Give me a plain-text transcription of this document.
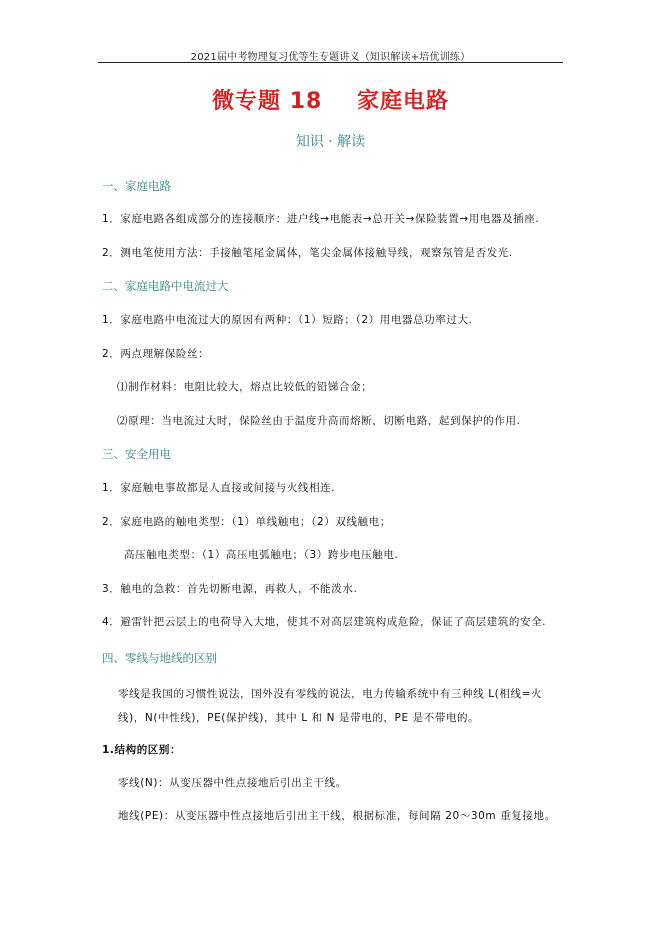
2021届中考物理复习优等生专题讲义（知识解读+培优训练）
微专题 18    家庭电路
知识 · 解读
一、家庭电路
1．家庭电路各组成部分的连接顺序：进户线→电能表→总开关→保险装置→用电器及插座.
2．测电笔使用方法：手接触笔尾金属体，笔尖金属体接触导线，观察氖管是否发光.
二、家庭电路中电流过大
1．家庭电路中电流过大的原因有两种：（1）短路；（2）用电器总功率过大.
2．两点理解保险丝：
⑴制作材料：电阻比较大，熔点比较低的铅锑合金；
⑵原理：当电流过大时，保险丝由于温度升高而熔断，切断电路，起到保护的作用.
三、安全用电
1．家庭触电事故都是人直接或间接与火线相连.
2．家庭电路的触电类型：（1）单线触电；（2）双线触电；
高压触电类型：（1）高压电弧触电；（3）跨步电压触电.
3．触电的急救：首先切断电源，再救人，不能泼水.
4．避雷针把云层上的电荷导入大地，使其不对高层建筑构成危险，保证了高层建筑的安全.
四、零线与地线的区别
零线是我国的习惯性说法，国外没有零线的说法，电力传输系统中有三种线 L(相线=火
线)，N(中性线)，PE(保护线)，其中 L 和 N 是带电的，PE 是不带电的。
1.结构的区别：
零线(N)：从变压器中性点接地后引出主干线。
地线(PE)：从变压器中性点接地后引出主干线，根据标准，每间隔 20～30m 重复接地。
